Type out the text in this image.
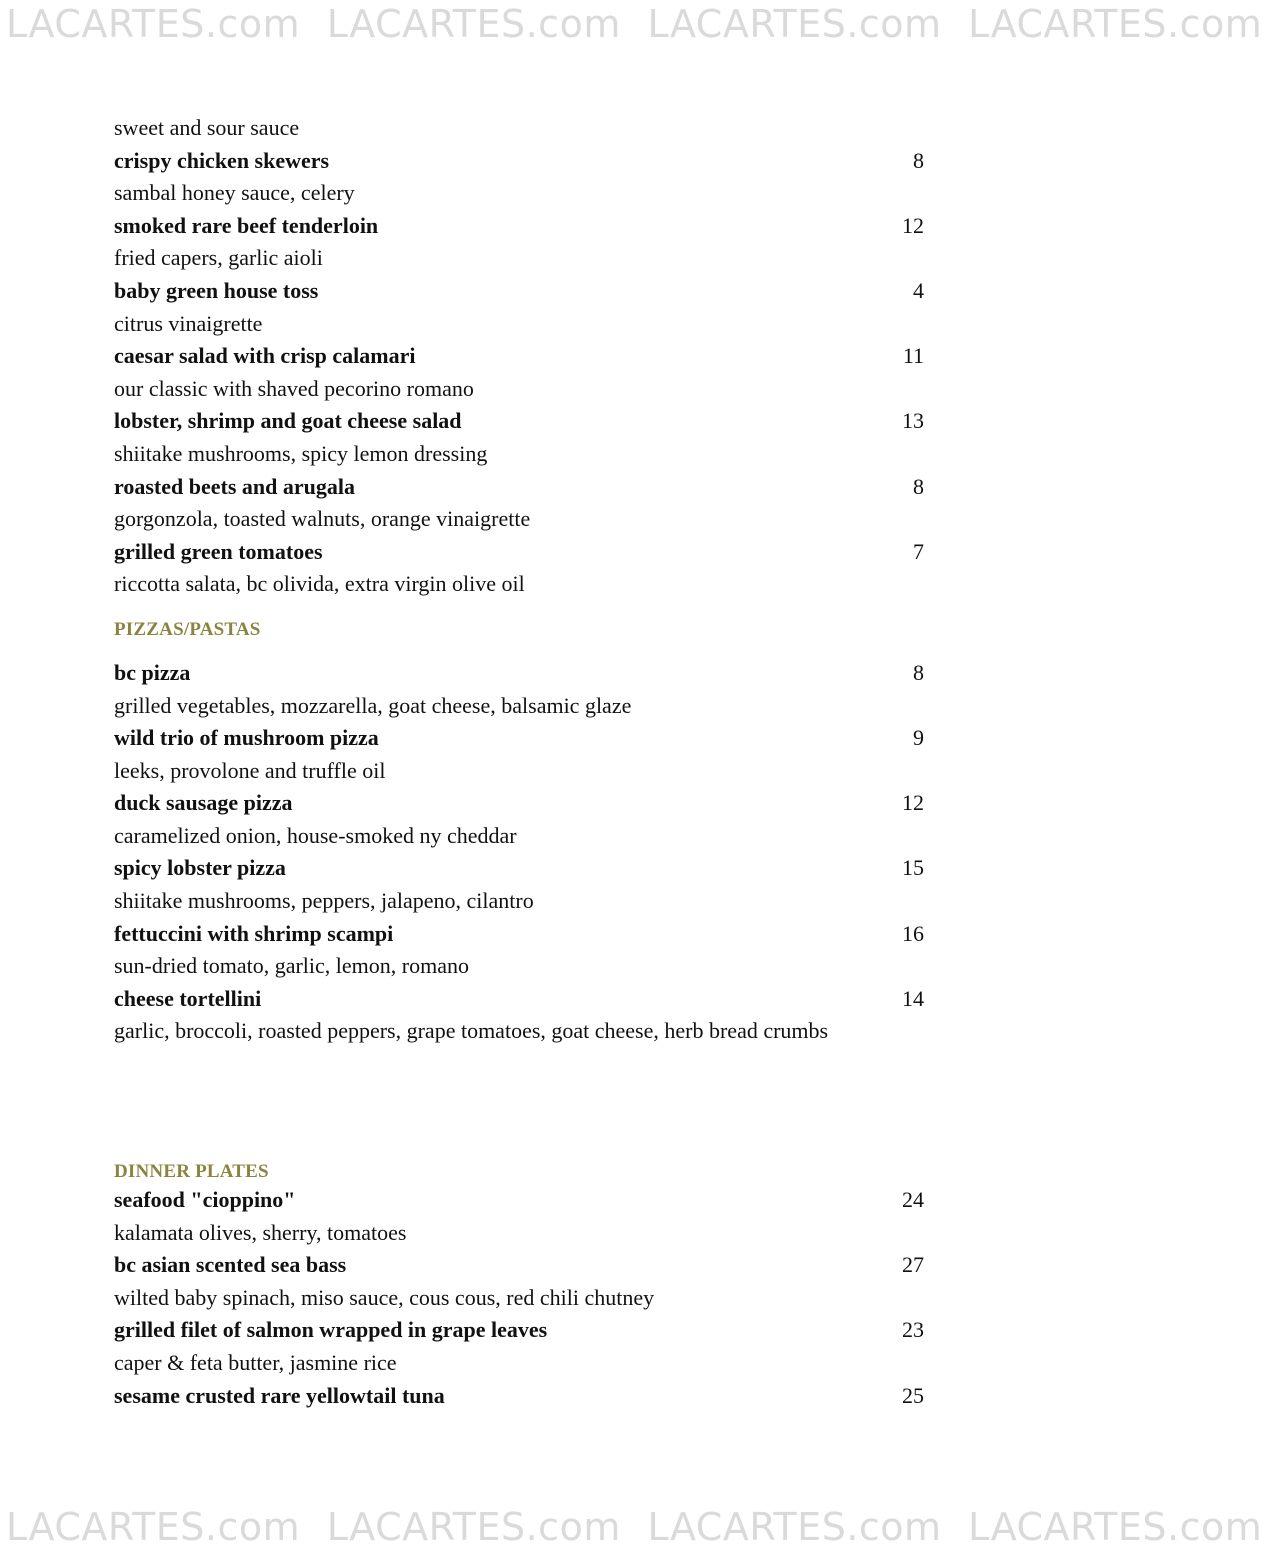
LACARTES.com LACARTES.com LACARTES.com LACARTES.com
sweet and sour sauce
crispy chicken skewers	8
sambal honey sauce, celery
smoked rare beef tenderloin	12
fried capers, garlic aioli
baby green house toss	4
citrus vinaigrette
caesar salad with crisp calamari	11
our classic with shaved pecorino romano
lobster, shrimp and goat cheese salad	13
shiitake mushrooms, spicy lemon dressing
roasted beets and arugala	8
gorgonzola, toasted walnuts, orange vinaigrette
grilled green tomatoes	7
riccotta salata, bc olivida, extra virgin olive oil
PIZZAS/PASTAS
bc pizza	8
grilled vegetables, mozzarella, goat cheese, balsamic glaze
wild trio of mushroom pizza	9
leeks, provolone and truffle oil
duck sausage pizza	12
caramelized onion, house-smoked ny cheddar
spicy lobster pizza	15
shiitake mushrooms, peppers, jalapeno, cilantro
fettuccini with shrimp scampi	16
sun-dried tomato, garlic, lemon, romano
cheese tortellini	14
garlic, broccoli, roasted peppers, grape tomatoes, goat cheese, herb bread crumbs
DINNER PLATES
seafood "cioppino"	24
kalamata olives, sherry, tomatoes
bc asian scented sea bass	27
wilted baby spinach, miso sauce, cous cous, red chili chutney
grilled filet of salmon wrapped in grape leaves	23
caper & feta butter, jasmine rice
sesame crusted rare yellowtail tuna	25
LACARTES.com LACARTES.com LACARTES.com LACARTES.com
